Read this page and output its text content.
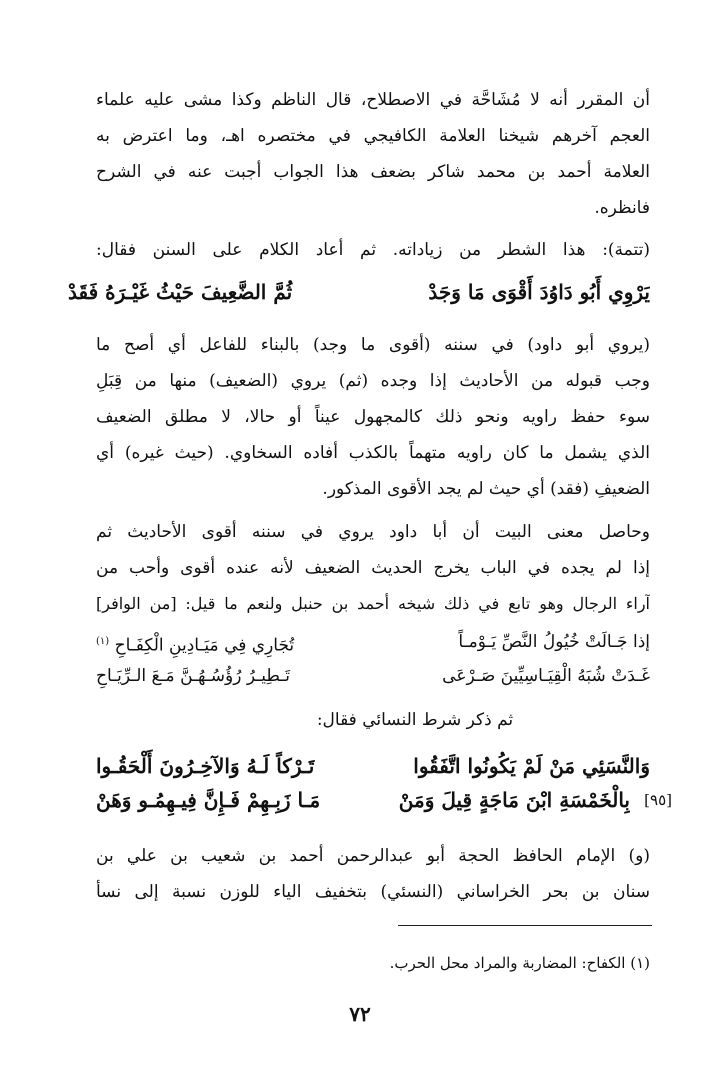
أن المقرر أنه لا مُشَاحَّة في الاصطلاح، قال الناظم وكذا مشى عليه علماء
العجم آخرهم شيخنا العلامة الكافيجي في مختصره اهـ، وما اعترض به
العلامة أحمد بن محمد شاكر بضعف هذا الجواب أجبت عنه في الشرح
فانظره.
(تتمة): هذا الشطر من زياداته. ثم أعاد الكلام على السنن فقال:
يَرْوِي أَبُو دَاوُدَ أَقْوَى مَا وَجَدْ
ثُمَّ الضَّعِيفَ حَيْثُ غَيْـرَهُ فَقَدْ
(يروي أبو داود) في سننه (أقوى ما وجد) بالبناء للفاعل أي أصح ما
وجب قبوله من الأحاديث إذا وجده (ثم) يروي (الضعيف) منها من قِبَلِ
سوء حفظ راويه ونحو ذلك كالمجهول عيناً أو حالا، لا مطلق الضعيف
الذي يشمل ما كان راويه متهماً بالكذب أفاده السخاوي. (حيث غيره) أي
الضعيفِ (فقد) أي حيث لم يجد الأقوى المذكور.
وحاصل معنى البيت أن أبا داود يروي في سننه أقوى الأحاديث ثم
إذا لم يجده في الباب يخرج الحديث الضعيف لأنه عنده أقوى وأحب من
آراء الرجال وهو تابع في ذلك شيخه أحمد بن حنبل ولنعم ما قيل: [من الوافر]
إذا جَـالَتْ خُيُولُ النَّصِّ يَـوْمـاً
تُجَارِي فِي مَيَـادِينِ الْكِفَـاحِ $^{(١)}$
غَـدَتْ شُبَهُ الْقِيَـاسِيِّينَ صَـرْعَى
تَـطِيـرُ رُؤُسُـهُـنَّ مَـعَ الـرِّيَـاحِ
ثم ذكر شرط النسائي فقال:
وَالنَّسَئِي مَنْ لَمْ يَكُونُوا اتَّفَقُوا
تَـرْكاً لَـهُ وَالآخِـرُونَ أَلْحَقُـوا
[٩٥]
بِالْخَمْسَةِ ابْنَ مَاجَةٍ قِيلَ وَمَنْ
مَـا زَبِـهِمْ فَـإِنَّ فِيـهِمُـو وَهَنْ
(و) الإمام الحافظ الحجة أبو عبدالرحمن أحمد بن شعيب بن علي بن
سنان بن بحر الخراساني (النسئي) بتخفيف الياء للوزن نسبة إلى نسأ
(١) الكفاح: المضاربة والمراد محل الحرب.
٧٢
